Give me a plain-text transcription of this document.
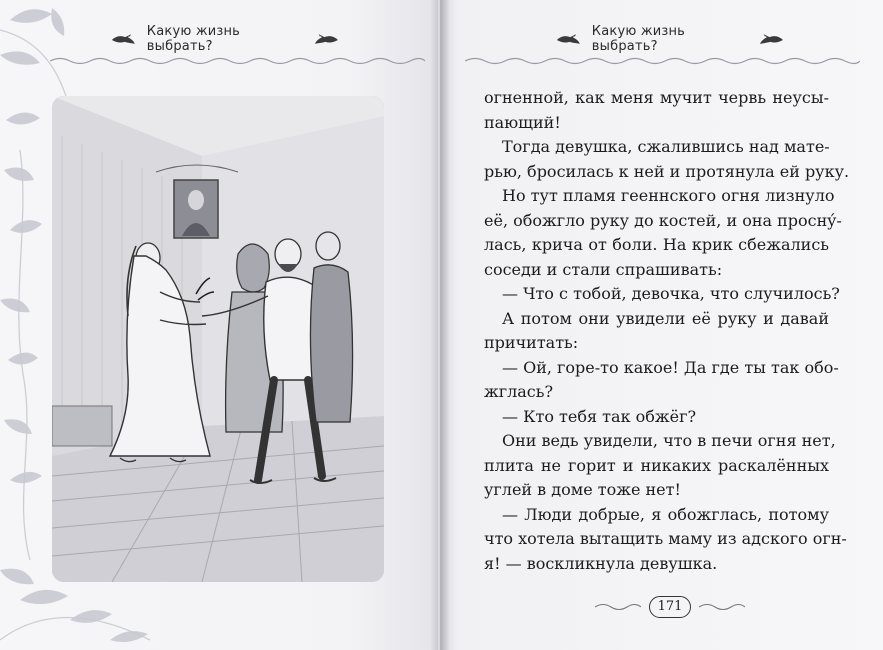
Какую жизнь выбрать?
Какую жизнь выбрать?

огненной, как меня мучит червь неусы-

пающий!

Тогда девушка, сжалившись над мате-

рью, бросилась к ней и протянула ей руку.

Но тут пламя гееннского огня лизнуло

её, обожгло руку до костей, и она проснý-

лась, крича от боли. На крик сбежались

соседи и стали спрашивать:

— Что с тобой, девочка, что случилось?

А потом они увидели её руку и давай

причитать:

— Ой, горе-то какое! Да где ты так обо-

жглась?

— Кто тебя так обжёг?

Они ведь увидели, что в печи огня нет,

плита не горит и никаких раскалённых

углей в доме тоже нет!

— Люди добрые, я обожглась, потому

что хотела вытащить маму из адского огн-

я! — воскликнула девушка.

171
